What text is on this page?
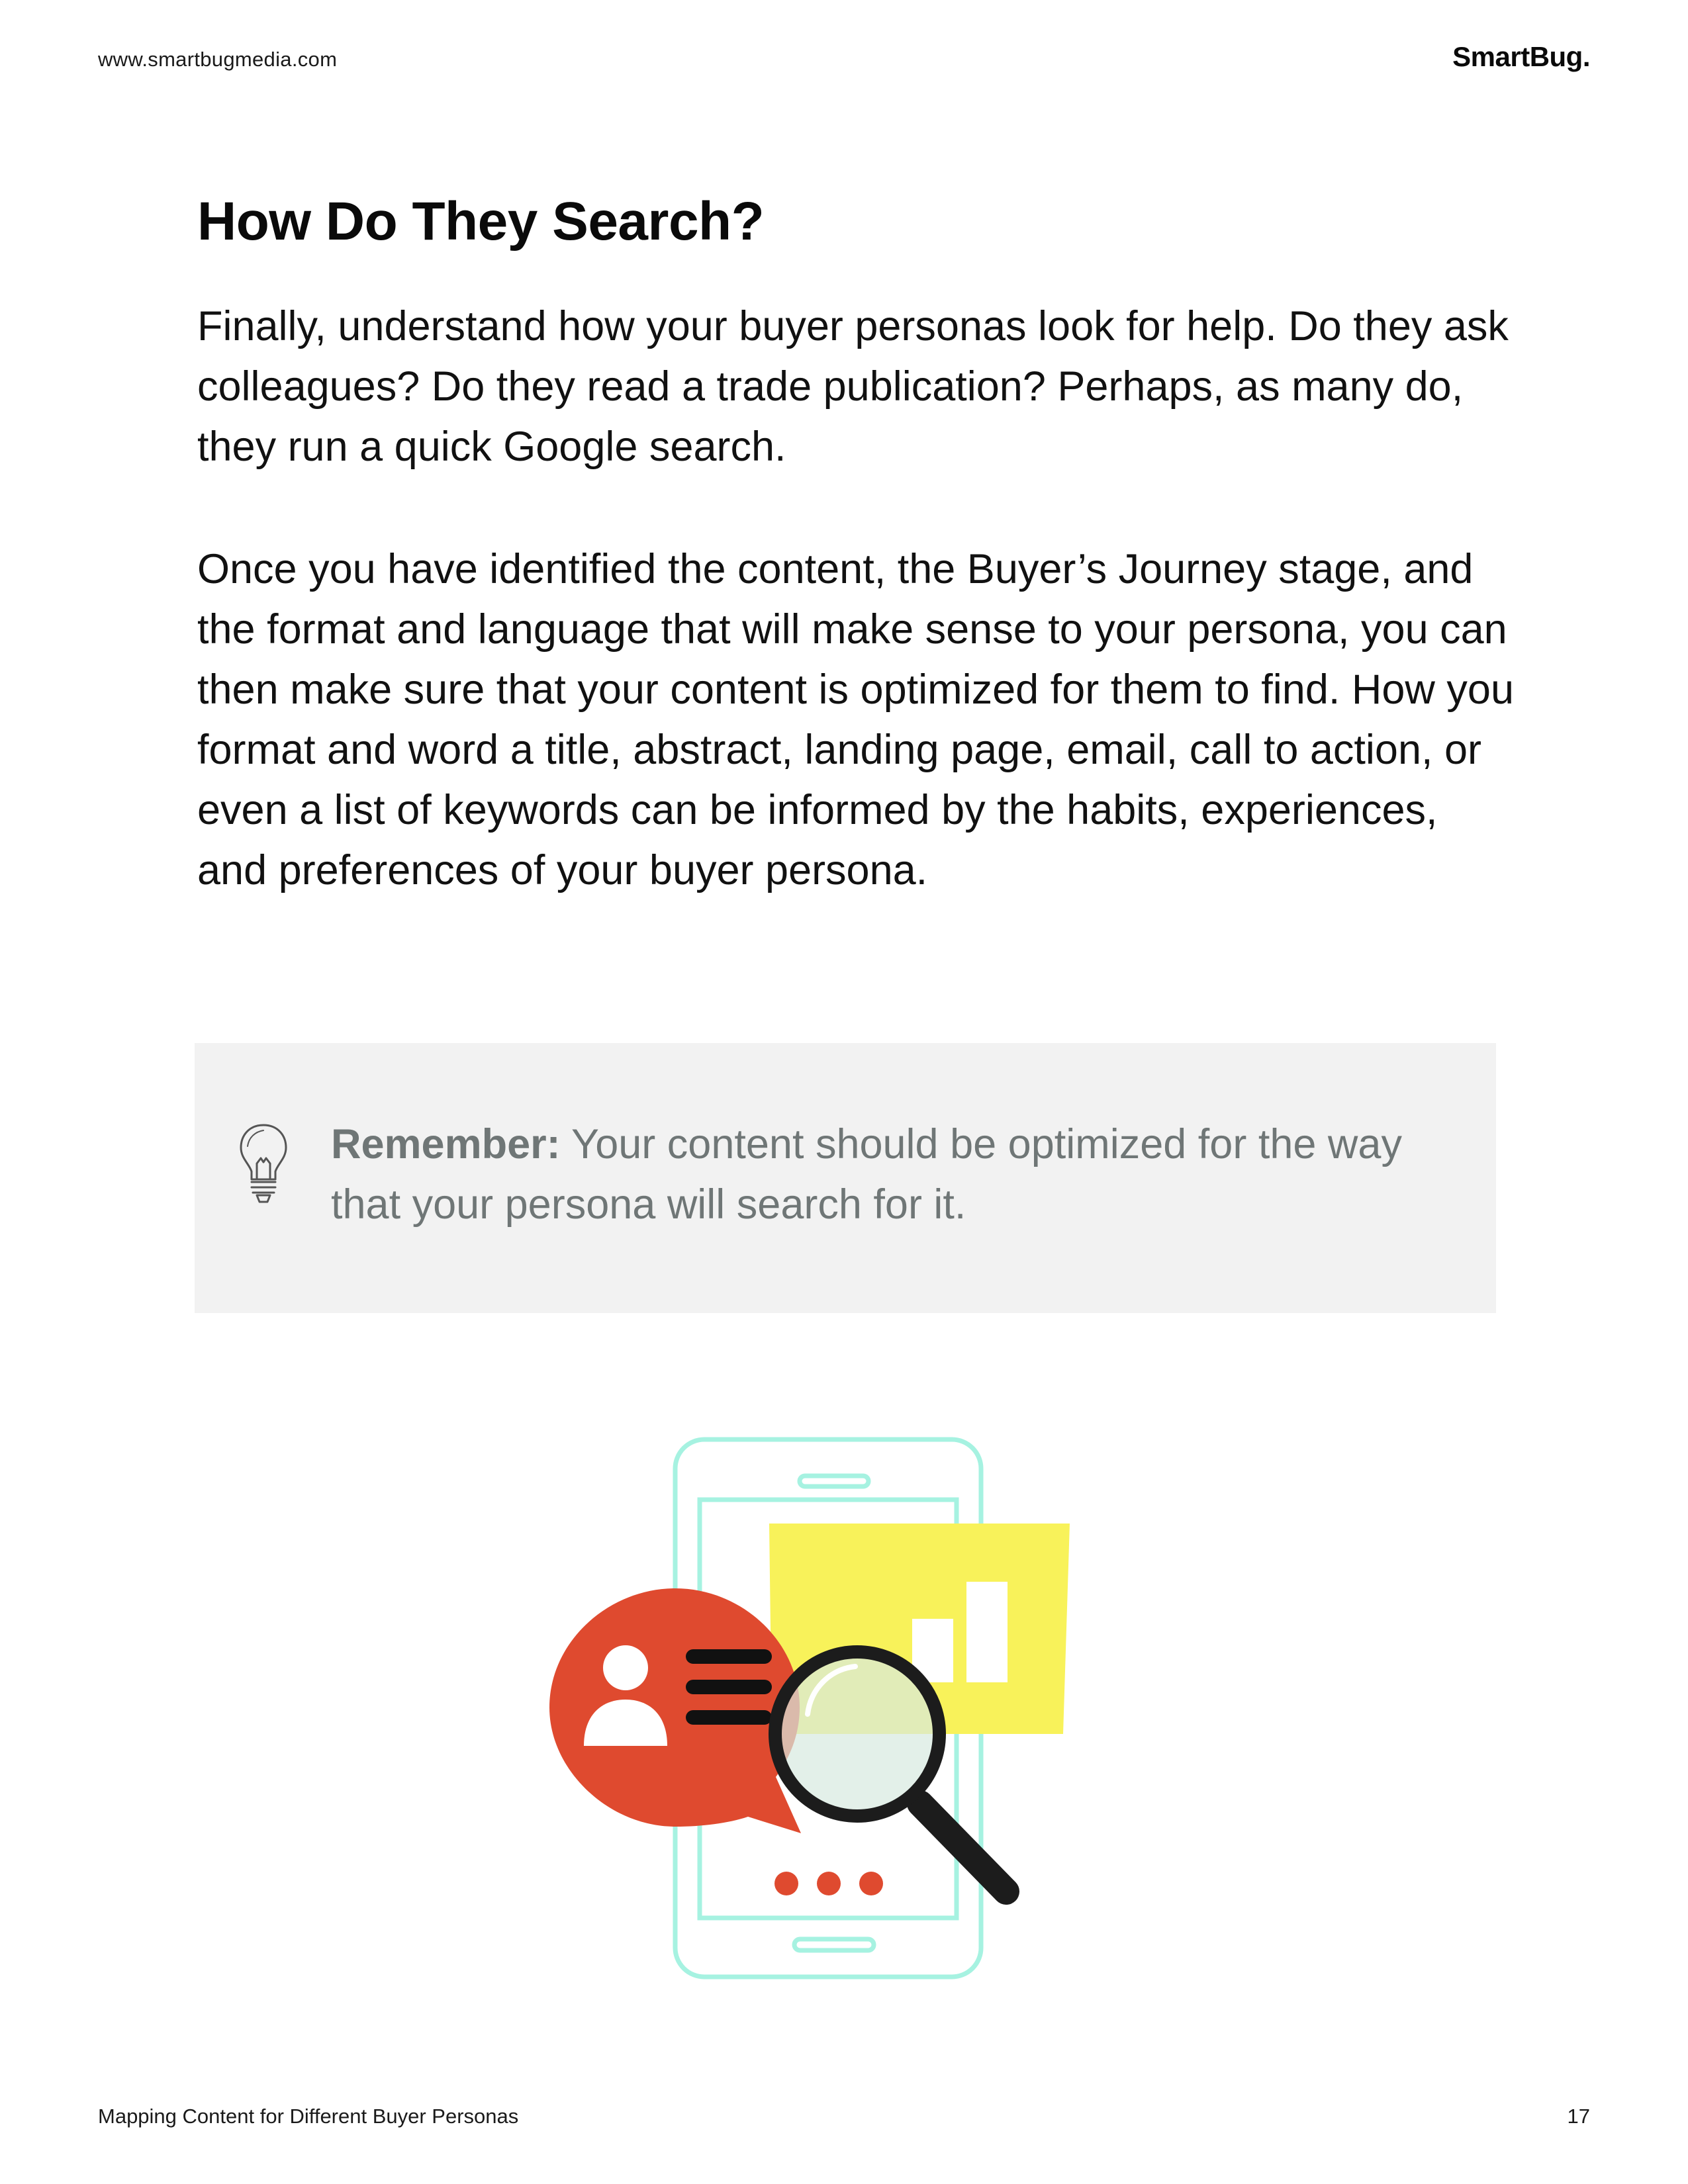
www.smartbugmedia.com	SmartBug.
How Do They Search?

Finally, understand how your buyer personas look for help. Do they ask colleagues? Do they read a trade publication? Perhaps, as many do, they run a quick Google search.

Once you have identified the content, the Buyer’s Journey stage, and the format and language that will make sense to your persona, you can then make sure that your content is optimized for them to find. How you format and word a title, abstract, landing page, email, call to action, or even a list of keywords can be informed by the habits, experiences, and preferences of your buyer persona.

Remember: Your content should be optimized for the way that your persona will search for it.

Mapping Content for Different Buyer Personas	17
